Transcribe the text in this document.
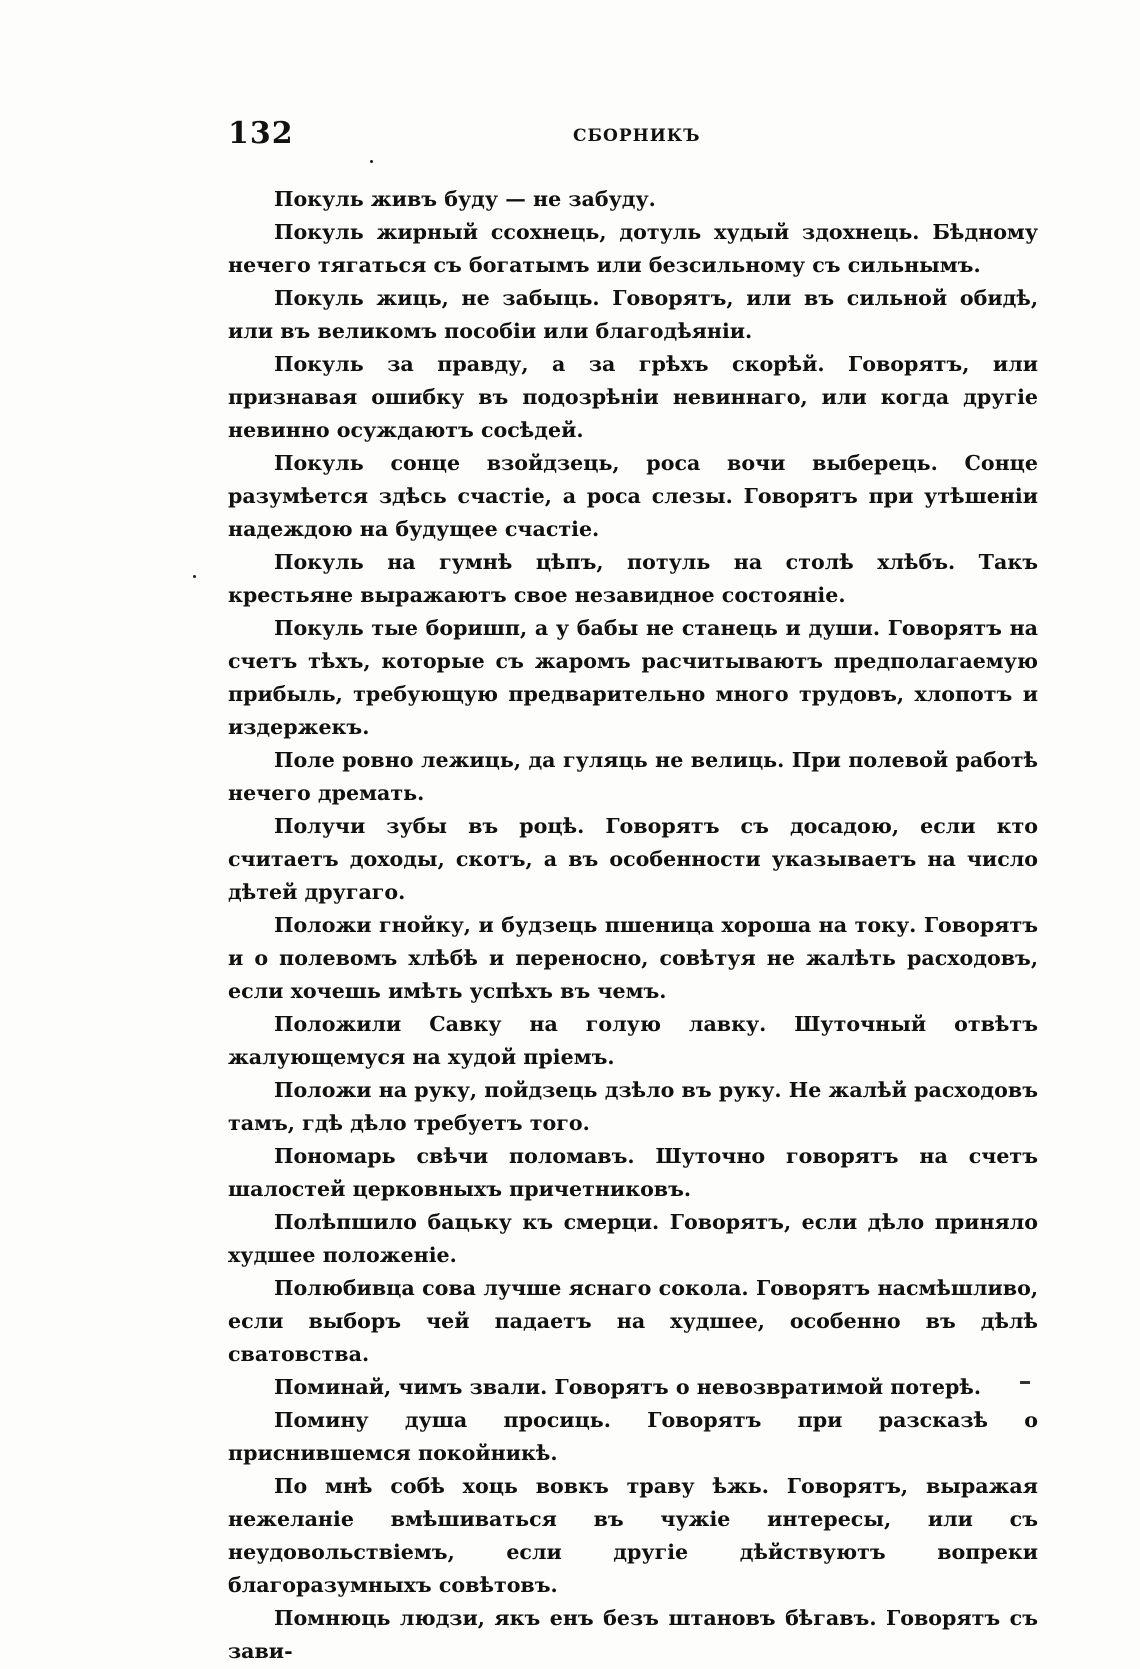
132	СБОРНИКЪ

Покуль живъ буду — не забуду.

Покуль жирный ссохнець, дотуль худый здохнець. Бѣдному нечего тягаться съ богатымъ или безсильному съ сильнымъ.

Покуль жиць, не забыць. Говорятъ, или въ сильной обидѣ, или въ великомъ пособіи или благодѣяніи.

Покуль за правду, а за грѣхъ скорѣй. Говорятъ, или признавая ошибку въ подозрѣніи невиннаго, или когда другіе невинно осуждаютъ сосѣдей.

Покуль сонце взойдзець, роса вочи выберець. Сонце разумѣется здѣсь счастіе, а роса слезы. Говорятъ при утѣшеніи надеждою на будущее счастіе.

Покуль на гумнѣ цѣпъ, потуль на столѣ хлѣбъ. Такъ крестьяне выражаютъ свое незавидное состояніе.

Покуль тые боришп, а у бабы не станець и души. Говорятъ на счетъ тѣхъ, которые съ жаромъ расчитываютъ предполагаемую прибыль, требующую предварительно много трудовъ, хлопотъ и издержекъ.

Поле ровно лежиць, да гуляць не велиць. При полевой работѣ нечего дремать.

Получи зубы въ роцѣ. Говорятъ съ досадою, если кто считаетъ доходы, скотъ, а въ особенности указываетъ на число дѣтей другаго.

Положи гнойку, и будзець пшеница хороша на току. Говорятъ и о полевомъ хлѣбѣ и переносно, совѣтуя не жалѣть расходовъ, если хочешь имѣть успѣхъ въ чемъ.

Положили Савку на голую лавку. Шуточный отвѣтъ жалующемуся на худой пріемъ.

Положи на руку, пойдзець дзѣло въ руку. Не жалѣй расходовъ тамъ, гдѣ дѣло требуетъ того.

Пономарь свѣчи поломавъ. Шуточно говорятъ на счетъ шалостей церковныхъ причетниковъ.

Полѣпшило бацьку къ смерци. Говорятъ, если дѣло приняло худшее положеніе.

Полюбивца сова лучше яснаго сокола. Говорятъ насмѣшливо, если выборъ чей падаетъ на худшее, особенно въ дѣлѣ сватовства.

Поминай, чимъ звали. Говорятъ о невозвратимой потерѣ.

Помину душа просиць. Говорятъ при разсказѣ о приснившемся покойникѣ.

По мнѣ собѣ хоць вовкъ траву ѣжь. Говорятъ, выражая нежеланіе вмѣшиваться въ чужіе интересы, или съ неудовольствіемъ, если другіе дѣйствуютъ вопреки благоразумныхъ совѣтовъ.

Помнюць людзи, якъ енъ безъ штановъ бѣгавъ. Говорятъ съ зави-
